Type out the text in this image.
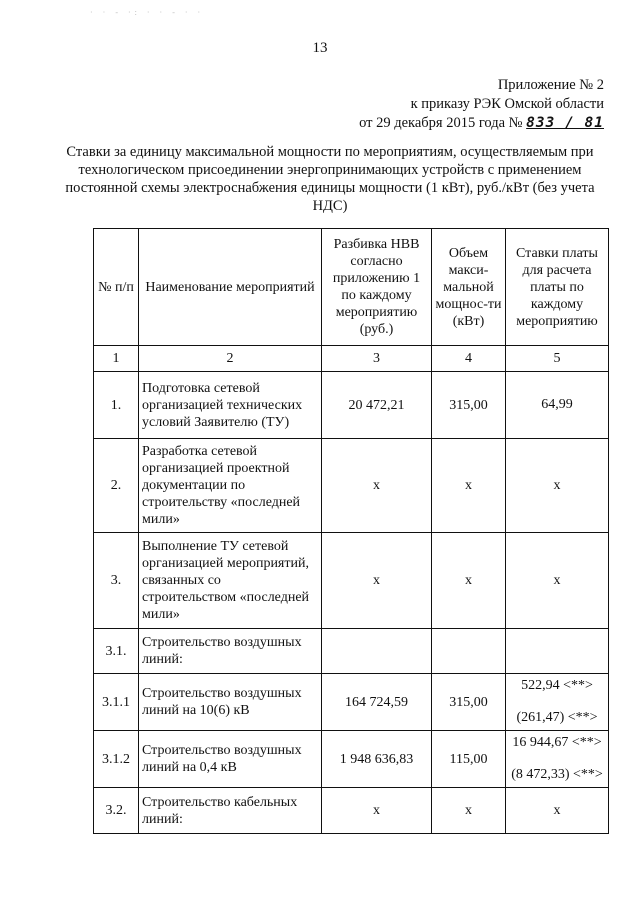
· · - ·: · · - · ·
13
Приложение № 2
к приказу РЭК Омской области
от 29 декабря 2015 года № 833 / 81
Ставки за единицу максимальной мощности по мероприятиям, осуществляемым при технологическом присоединении энергопринимающих устройств с применением постоянной схемы электроснабжения единицы мощности (1 кВт), руб./кВт (без учета НДС)
№ п/п	Наименование мероприятий	Разбивка НВВ согласно приложению 1 по каждому мероприятию (руб.)	Объем макси-мальной мощнос-ти (кВт)	Ставки платы для расчета платы по каждому мероприятию
1	2	3	4	5
1.	Подготовка сетевой организацией технических условий Заявителю (ТУ)	20 472,21	315,00	64,99

2.	Разработка сетевой организацией проектной документации по строительству «последней мили»	x	x	x

3.	Выполнение ТУ сетевой организацией мероприятий, связанных со строительством «последней мили»	x	x	x

3.1.	Строительство воздушных линий:			

3.1.1	Строительство воздушных линий на 10(6) кВ	164 724,59	315,00	522,94 <**>
(261,47) <**>

3.1.2	Строительство воздушных линий на 0,4 кВ	1 948 636,83	115,00	16 944,67 <**>
(8 472,33) <**>

3.2.	Строительство кабельных линий:	x	x	x
